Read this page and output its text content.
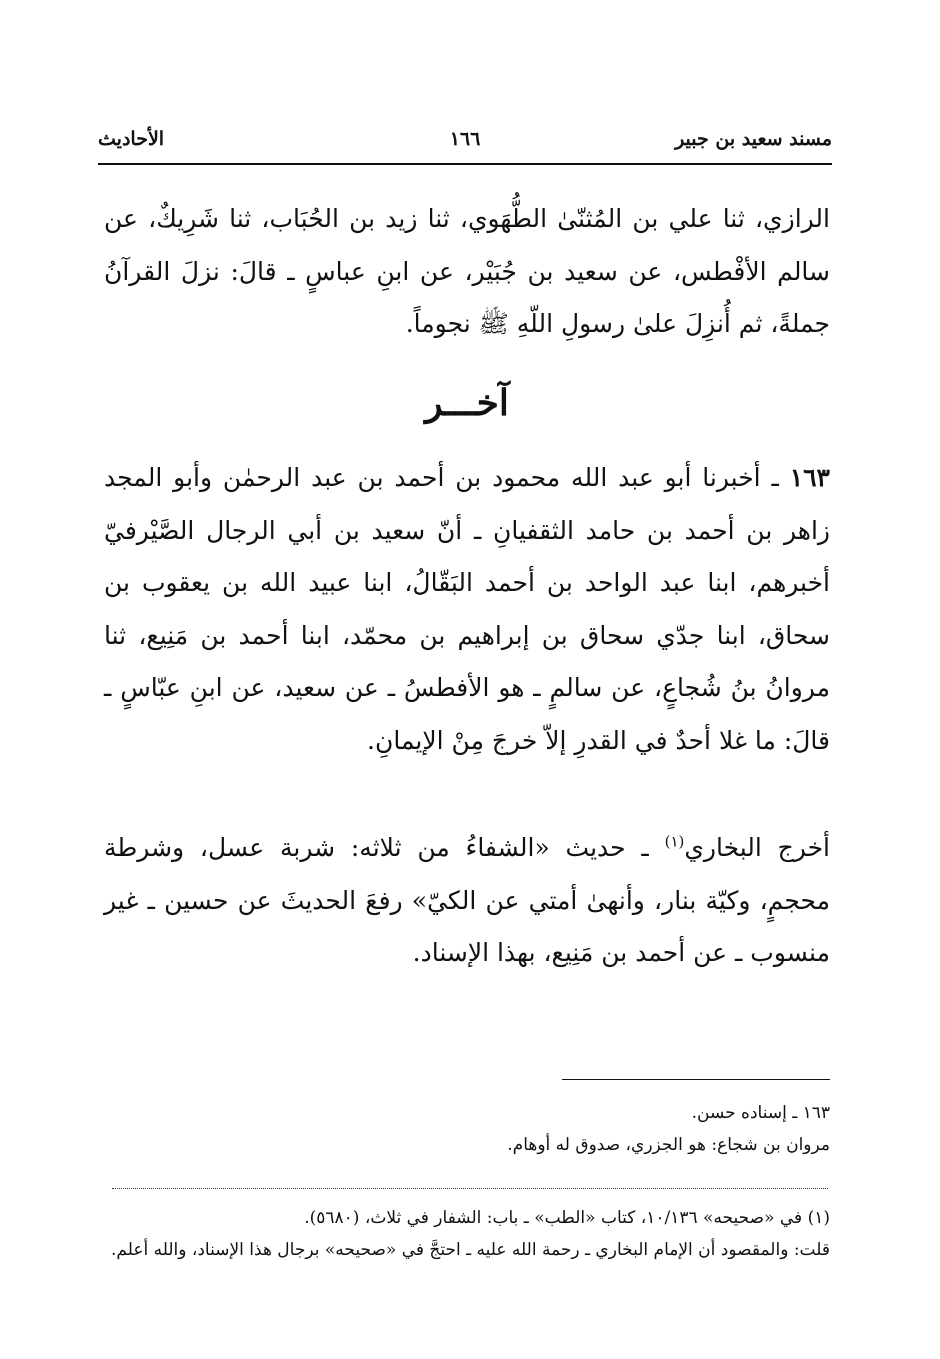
مسند سعيد بن جبير
١٦٦
الأحاديث

الرازي، ثنا علي بن المُثنّىٰ الطُّهَوي، ثنا زيد بن الحُبَاب، ثنا شَرِيكٌ، عن سالم الأفْطس، عن سعيد بن جُبَيْر، عن ابنِ عباسٍ ـ قالَ: نزلَ القرآنُ جملةً، ثم أُنزِلَ علىٰ رسولِ اللّهِ ﷺ نجوماً.

آخـــر

١٦٣ ـ أخبرنا أبو عبد الله محمود بن أحمد بن عبد الرحمٰن وأبو المجد زاهر بن أحمد بن حامد الثقفيانِ ـ أنّ سعيد بن أبي الرجال الصَّيْرفيّ أخبرهم، ابنا عبد الواحد بن أحمد البَقّالُ، ابنا عبيد الله بن يعقوب بن سحاق، ابنا جدّي سحاق بن إبراهيم بن محمّد، ابنا أحمد بن مَنِيع، ثنا مروانُ بنُ شُجاعٍ، عن سالمٍ ـ هو الأفطسُ ـ عن سعيد، عن ابنِ عبّاسٍ ـ قالَ: ما غلا أحدٌ في القدرِ إلاّ خرجَ مِنْ الإيمانِ.

أخرج البخاري$^{(١)}$ ـ حديث «الشفاءُ من ثلاثه: شربة عسل، وشرطة محجمٍ، وكيّة بنار، وأنهىٰ أمتي عن الكيّ» رفعَ الحديثَ عن حسين ـ غير منسوب ـ عن أحمد بن مَنِيع، بهذا الإسناد.

١٦٣ ـ إسناده حسن.
مروان بن شجاع: هو الجزري، صدوق له أوهام.
(١) في «صحيحه» ١٠/١٣٦، كتاب «الطب» ـ باب: الشفار في ثلاث، (٥٦٨٠).
قلت: والمقصود أن الإمام البخاري ـ رحمة الله عليه ـ احتجَّ في «صحيحه» برجال هذا الإسناد، والله أعلم.
